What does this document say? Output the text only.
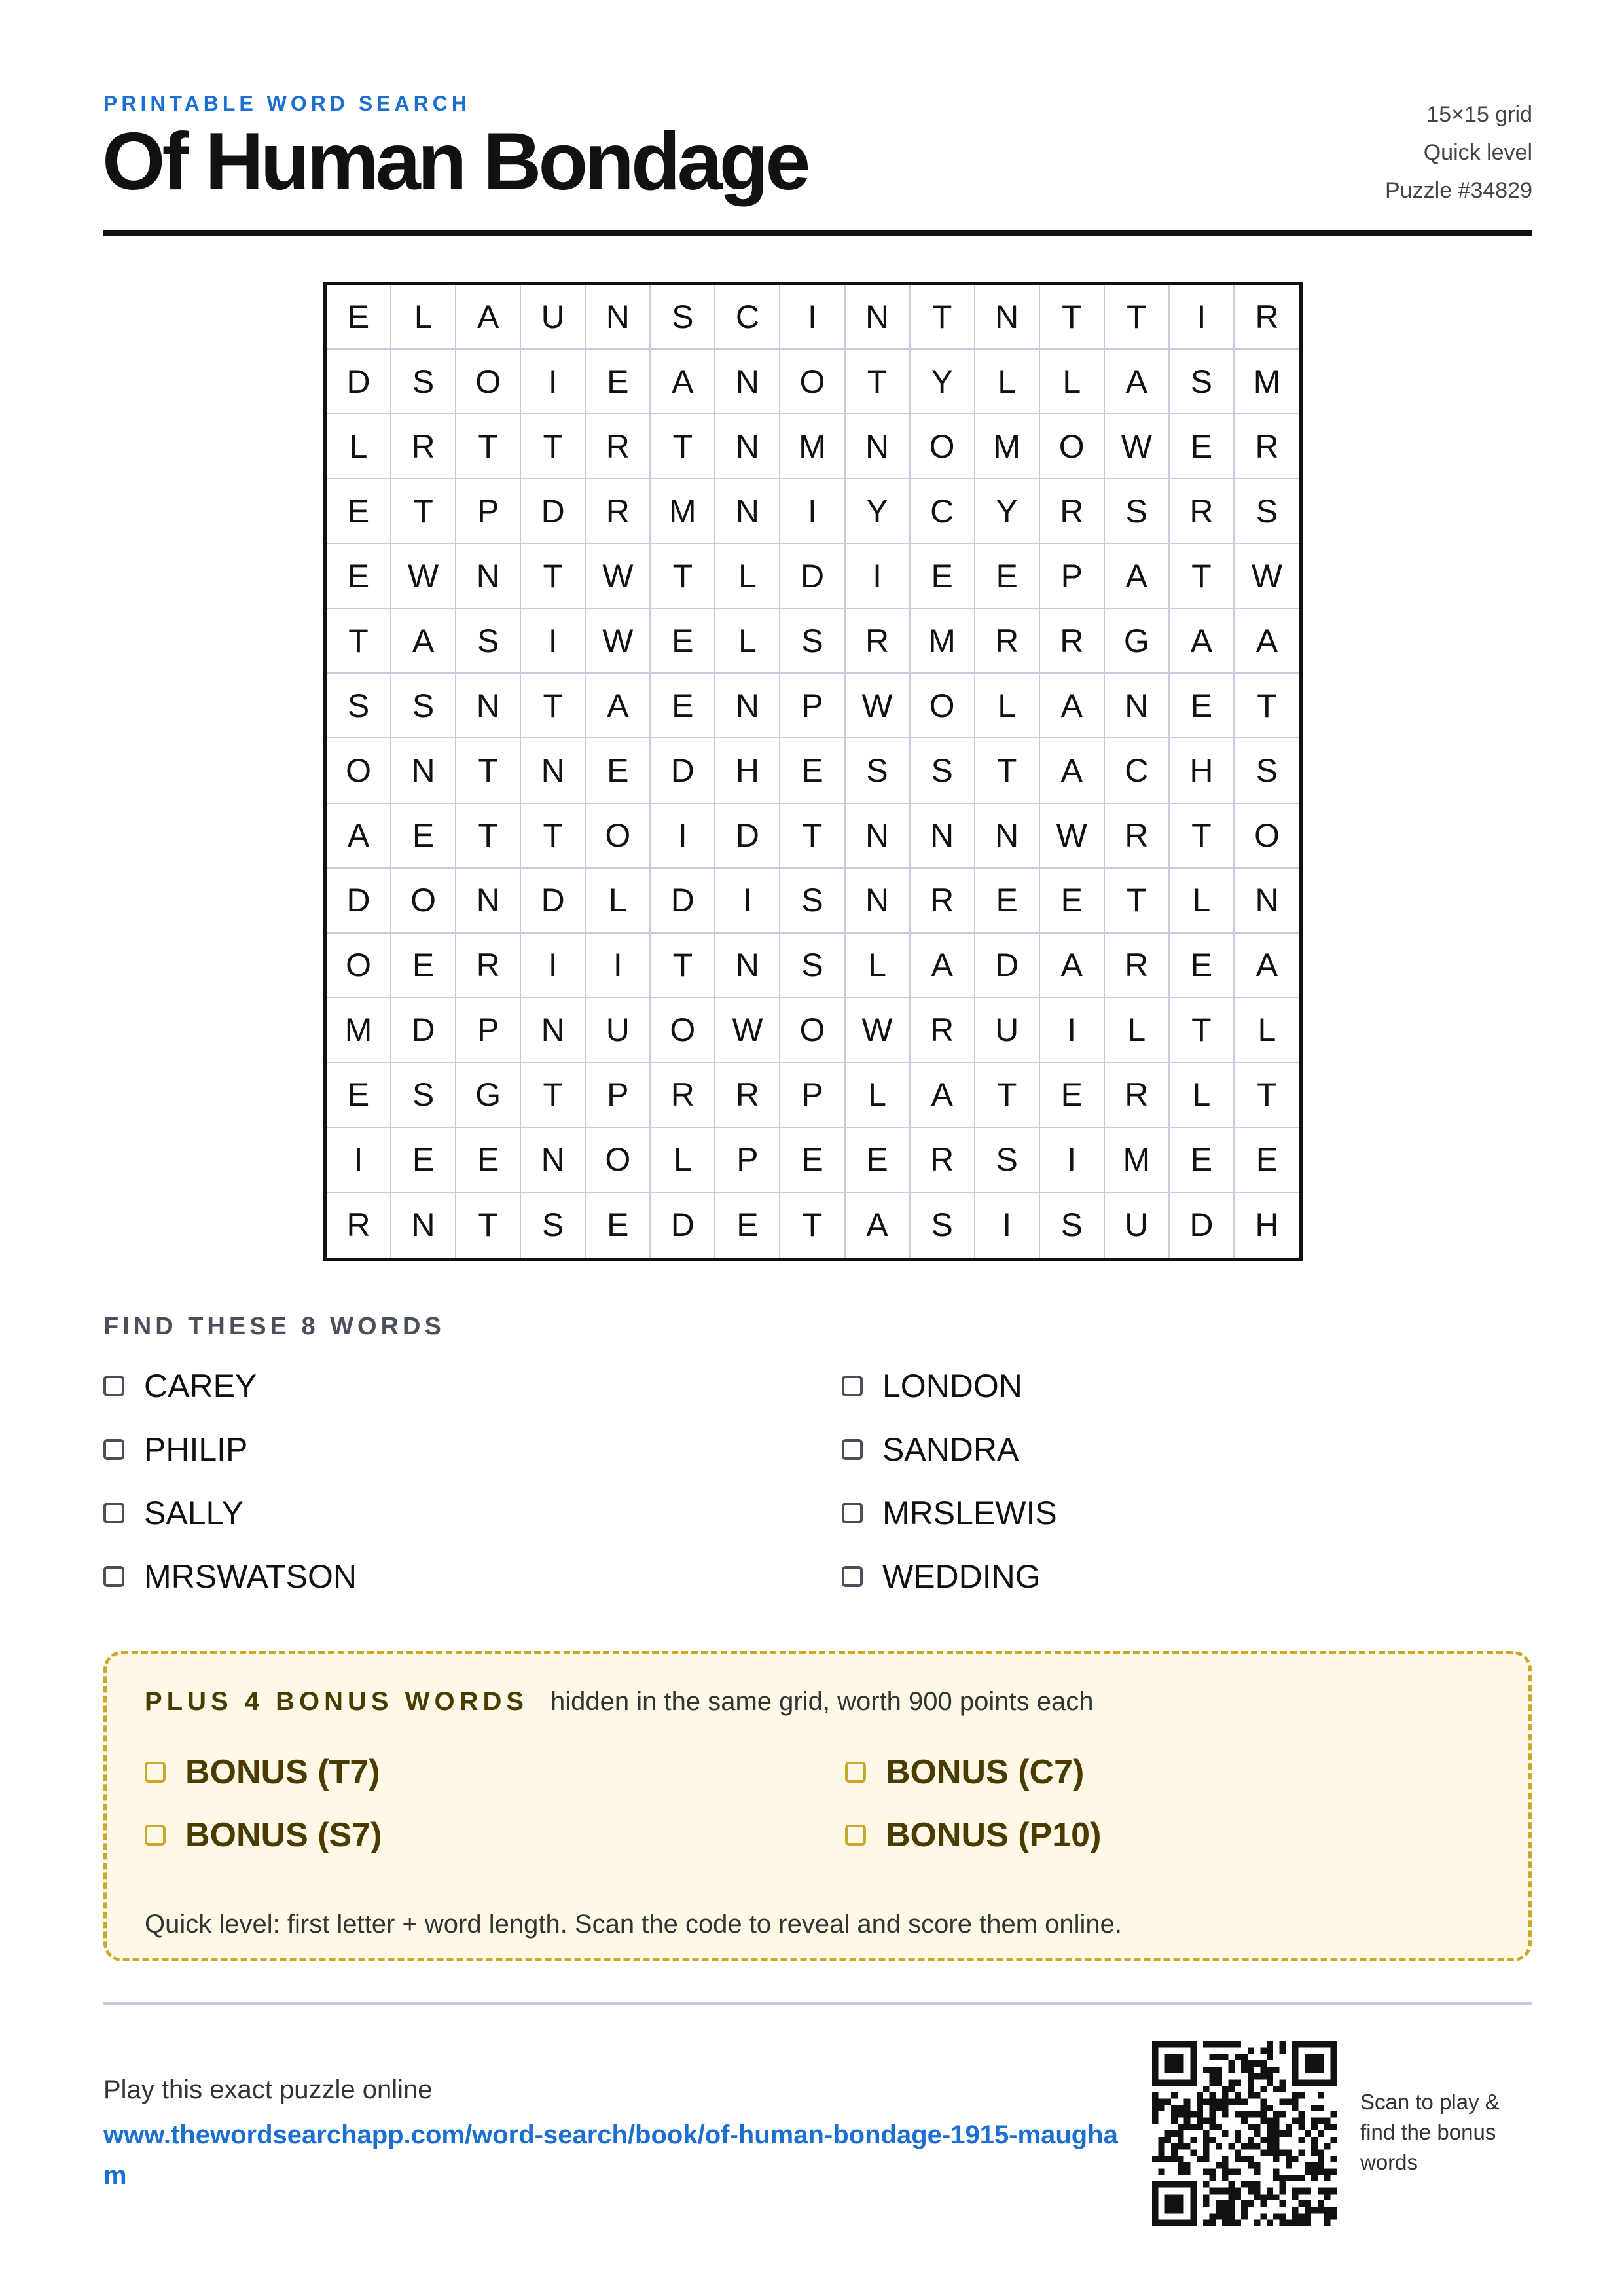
PRINTABLE WORD SEARCH
Of Human Bondage
15×15 grid
Quick level
Puzzle #34829
E	L	A	U	N	S	C	I	N	T	N	T	T	I	R
D	S	O	I	E	A	N	O	T	Y	L	L	A	S	M
L	R	T	T	R	T	N	M	N	O	M	O	W	E	R
E	T	P	D	R	M	N	I	Y	C	Y	R	S	R	S
E	W	N	T	W	T	L	D	I	E	E	P	A	T	W
T	A	S	I	W	E	L	S	R	M	R	R	G	A	A
S	S	N	T	A	E	N	P	W	O	L	A	N	E	T
O	N	T	N	E	D	H	E	S	S	T	A	C	H	S
A	E	T	T	O	I	D	T	N	N	N	W	R	T	O
D	O	N	D	L	D	I	S	N	R	E	E	T	L	N
O	E	R	I	I	T	N	S	L	A	D	A	R	E	A
M	D	P	N	U	O	W	O	W	R	U	I	L	T	L
E	S	G	T	P	R	R	P	L	A	T	E	R	L	T
I	E	E	N	O	L	P	E	E	R	S	I	M	E	E
R	N	T	S	E	D	E	T	A	S	I	S	U	D	H
FIND THESE 8 WORDS
CAREY	LONDON
PHILIP	SANDRA
SALLY	MRSLEWIS
MRSWATSON	WEDDING
PLUS 4 BONUS WORDS hidden in the same grid, worth 900 points each
BONUS (T7)	BONUS (C7)
BONUS (S7)	BONUS (P10)
Quick level: first letter + word length. Scan the code to reveal and score them online.
Play this exact puzzle online
www.thewordsearchapp.com/word-search/book/of-human-bondage-1915-maugham
Scan to play & find the bonus words
